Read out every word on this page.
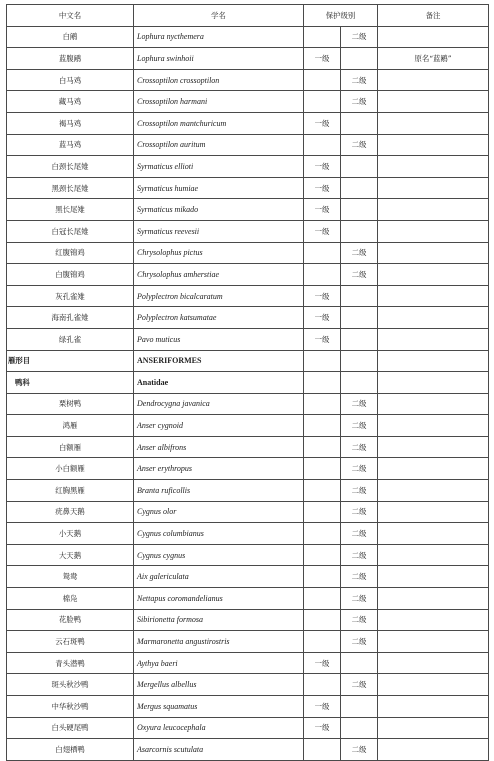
中文名	学名	保护级别		备注
白鹇	Lophura nycthemera		二级	
蓝腹鹇	Lophura swinhoii	一级		原名“蓝鹇”
白马鸡	Crossoptilon crossoptilon		二级	
藏马鸡	Crossoptilon harmani		二级	
褐马鸡	Crossoptilon mantchuricum	一级		
蓝马鸡	Crossoptilon auritum		二级	
白颈长尾雉	Syrmaticus ellioti	一级		
黑颈长尾雉	Syrmaticus humiae	一级		
黑长尾雉	Syrmaticus mikado	一级		
白冠长尾雉	Syrmaticus reevesii	一级		
红腹锦鸡	Chrysolophus pictus		二级	
白腹锦鸡	Chrysolophus amherstiae		二级	
灰孔雀雉	Polyplectron bicalcaratum	一级		
海南孔雀雉	Polyplectron katsumatae	一级		
绿孔雀	Pavo muticus	一级		
雁形目	ANSERIFORMES			
鸭科	Anatidae			
栗树鸭	Dendrocygna javanica		二级	
鸿雁	Anser cygnoid		二级	
白额雁	Anser albifrons		二级	
小白额雁	Anser erythropus		二级	
红胸黑雁	Branta ruficollis		二级	
疣鼻天鹅	Cygnus olor		二级	
小天鹅	Cygnus columbianus		二级	
大天鹅	Cygnus cygnus		二级	
鸳鸯	Aix galericulata		二级	
棉凫	Nettapus coromandelianus		二级	
花脸鸭	Sibirionetta formosa		二级	
云石斑鸭	Marmaronetta angustirostris		二级	
青头潜鸭	Aythya baeri	一级		
斑头秋沙鸭	Mergellus albellus		二级	
中华秋沙鸭	Mergus squamatus	一级		
白头硬尾鸭	Oxyura leucocephala	一级		
白翅栖鸭	Asarcornis scutulata		二级	
